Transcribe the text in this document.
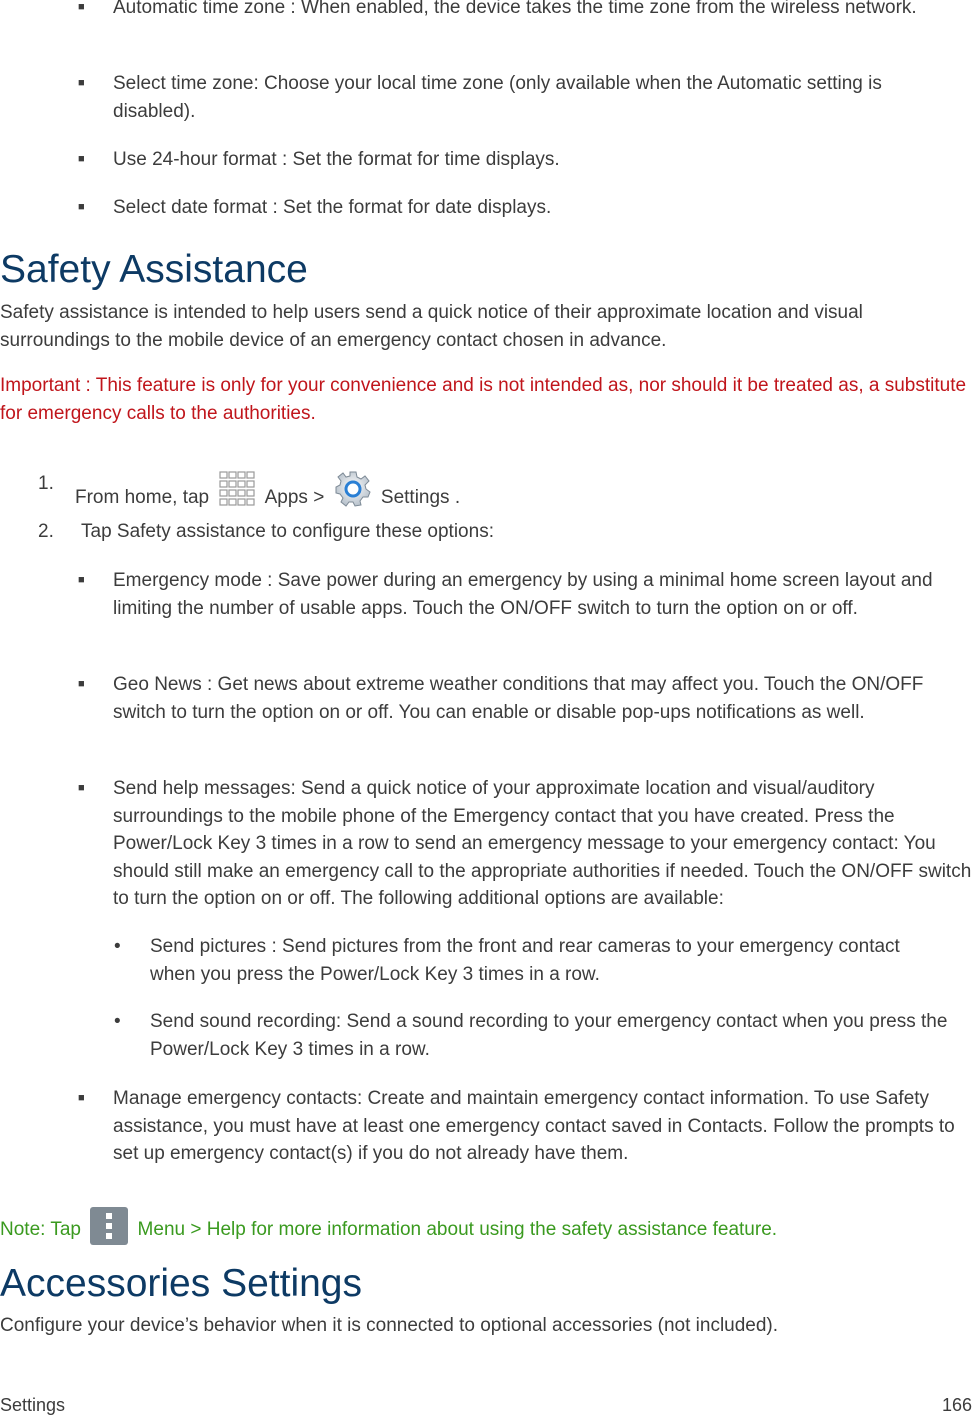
■ Automatic time zone : When enabled, the device takes the time zone from the wireless network.
■ Select time zone: Choose your local time zone (only available when the Automatic setting is disabled).
■ Use 24-hour format : Set the format for time displays.
■ Select date format : Set the format for date displays.
Safety Assistance
Safety assistance is intended to help users send a quick notice of their approximate location and visual surroundings to the mobile device of an emergency contact chosen in advance.
Important : This feature is only for your convenience and is not intended as, nor should it be treated as, a substitute for emergency calls to the authorities.
1.
From home, tap	Apps >	Settings .
2. Tap Safety assistance to configure these options:
■ Emergency mode : Save power during an emergency by using a minimal home screen layout and limiting the number of usable apps. Touch the ON/OFF switch to turn the option on or off.
■ Geo News : Get news about extreme weather conditions that may affect you. Touch the ON/OFF switch to turn the option on or off. You can enable or disable pop-ups notifications as well.
■ Send help messages: Send a quick notice of your approximate location and visual/auditory surroundings to the mobile phone of the Emergency contact that you have created. Press the Power/Lock Key 3 times in a row to send an emergency message to your emergency contact: You should still make an emergency call to the appropriate authorities if needed. Touch the ON/OFF switch to turn the option on or off. The following additional options are available:
• Send pictures : Send pictures from the front and rear cameras to your emergency contact when you press the Power/Lock Key 3 times in a row.
• Send sound recording: Send a sound recording to your emergency contact when you press the Power/Lock Key 3 times in a row.
■ Manage emergency contacts: Create and maintain emergency contact information. To use Safety assistance, you must have at least one emergency contact saved in Contacts. Follow the prompts to set up emergency contact(s) if you do not already have them.
Note: Tap	Menu > Help for more information about using the safety assistance feature.
Accessories Settings
Configure your device’s behavior when it is connected to optional accessories (not included).
Settings	166
